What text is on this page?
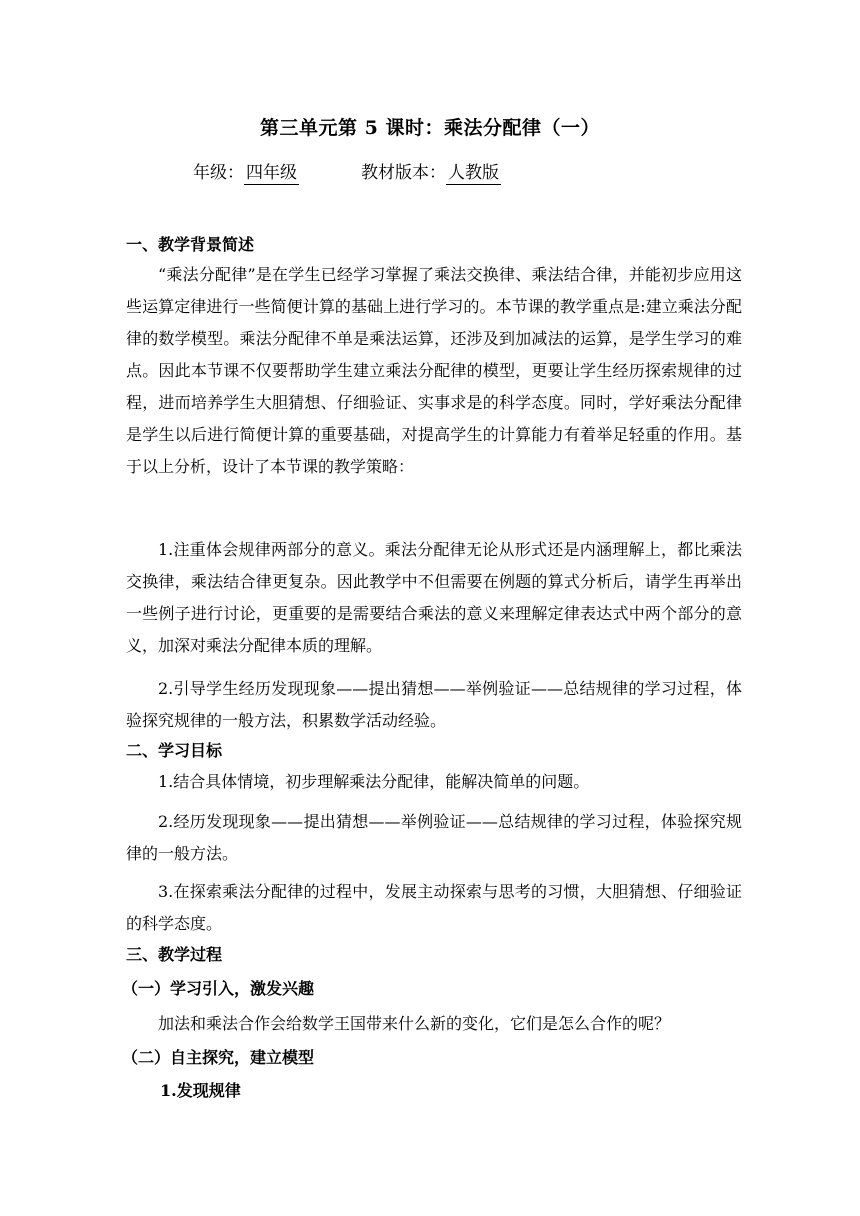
第三单元第 5 课时：乘法分配律（一）
年级： 四年级	教材版本： 人教版
一、教学背景简述

“乘法分配律”是在学生已经学习掌握了乘法交换律、乘法结合律，并能初步应用这些运算定律进行一些简便计算的基础上进行学习的。本节课的教学重点是:建立乘法分配律的数学模型。乘法分配律不单是乘法运算，还涉及到加减法的运算，是学生学习的难点。因此本节课不仅要帮助学生建立乘法分配律的模型，更要让学生经历探索规律的过程，进而培养学生大胆猜想、仔细验证、实事求是的科学态度。同时，学好乘法分配律是学生以后进行简便计算的重要基础，对提高学生的计算能力有着举足轻重的作用。基于以上分析，设计了本节课的教学策略：

1.注重体会规律两部分的意义。乘法分配律无论从形式还是内涵理解上，都比乘法交换律，乘法结合律更复杂。因此教学中不但需要在例题的算式分析后，请学生再举出一些例子进行讨论，更重要的是需要结合乘法的意义来理解定律表达式中两个部分的意义，加深对乘法分配律本质的理解。

2.引导学生经历发现现象——提出猜想——举例验证——总结规律的学习过程，体验探究规律的一般方法，积累数学活动经验。

二、学习目标

1.结合具体情境，初步理解乘法分配律，能解决简单的问题。

2.经历发现现象——提出猜想——举例验证——总结规律的学习过程，体验探究规律的一般方法。

3.在探索乘法分配律的过程中，发展主动探索与思考的习惯，大胆猜想、仔细验证的科学态度。

三、教学过程
（一）学习引入，激发兴趣

加法和乘法合作会给数学王国带来什么新的变化，它们是怎么合作的呢？

（二）自主探究，建立模型
1.发现规律
